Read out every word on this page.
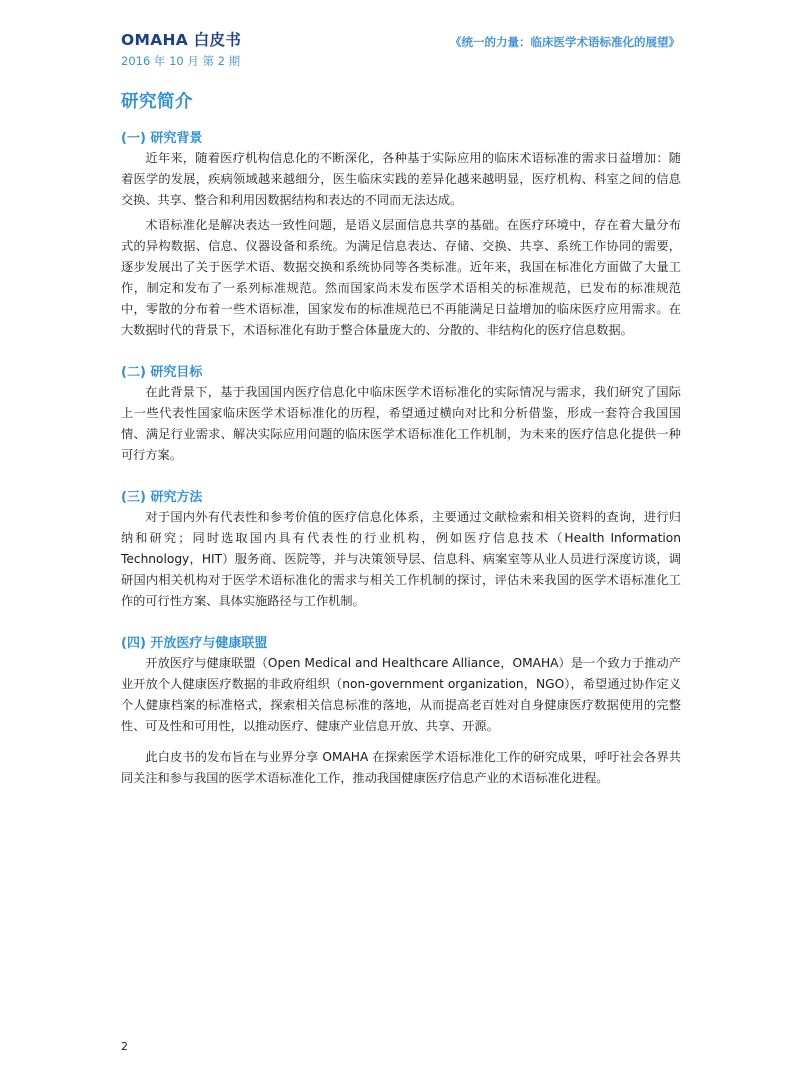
OMAHA 白皮书
2016 年 10 月 第 2 期
《统一的力量：临床医学术语标准化的展望》
研究简介
(一) 研究背景

近年来，随着医疗机构信息化的不断深化，各种基于实际应用的临床术语标准的需求日益增加：随着医学的发展，疾病领域越来越细分，医生临床实践的差异化越来越明显，医疗机构、科室之间的信息交换、共享、整合和利用因数据结构和表达的不同而无法达成。

术语标准化是解决表达一致性问题，是语义层面信息共享的基础。在医疗环境中，存在着大量分布式的异构数据、信息、仪器设备和系统。为满足信息表达、存储、交换、共享、系统工作协同的需要，逐步发展出了关于医学术语、数据交换和系统协同等各类标准。近年来，我国在标准化方面做了大量工作，制定和发布了一系列标准规范。然而国家尚未发布医学术语相关的标准规范，已发布的标准规范中，零散的分布着一些术语标准，国家发布的标准规范已不再能满足日益增加的临床医疗应用需求。在大数据时代的背景下，术语标准化有助于整合体量庞大的、分散的、非结构化的医疗信息数据。

(二) 研究目标

在此背景下，基于我国国内医疗信息化中临床医学术语标准化的实际情况与需求，我们研究了国际上一些代表性国家临床医学术语标准化的历程，希望通过横向对比和分析借鉴，形成一套符合我国国情、满足行业需求、解决实际应用问题的临床医学术语标准化工作机制，为未来的医疗信息化提供一种可行方案。

(三) 研究方法

对于国内外有代表性和参考价值的医疗信息化体系，主要通过文献检索和相关资料的查询，进行归纳和研究；同时选取国内具有代表性的行业机构，例如医疗信息技术（Health Information Technology，HIT）服务商、医院等，并与决策领导层、信息科、病案室等从业人员进行深度访谈，调研国内相关机构对于医学术语标准化的需求与相关工作机制的探讨，评估未来我国的医学术语标准化工作的可行性方案、具体实施路径与工作机制。

(四) 开放医疗与健康联盟

开放医疗与健康联盟（Open Medical and Healthcare Alliance，OMAHA）是一个致力于推动产业开放个人健康医疗数据的非政府组织（non-government organization，NGO），希望通过协作定义个人健康档案的标准格式，探索相关信息标准的落地，从而提高老百姓对自身健康医疗数据使用的完整性、可及性和可用性，以推动医疗、健康产业信息开放、共享、开源。

此白皮书的发布旨在与业界分享 OMAHA 在探索医学术语标准化工作的研究成果，呼吁社会各界共同关注和参与我国的医学术语标准化工作，推动我国健康医疗信息产业的术语标准化进程。

2
